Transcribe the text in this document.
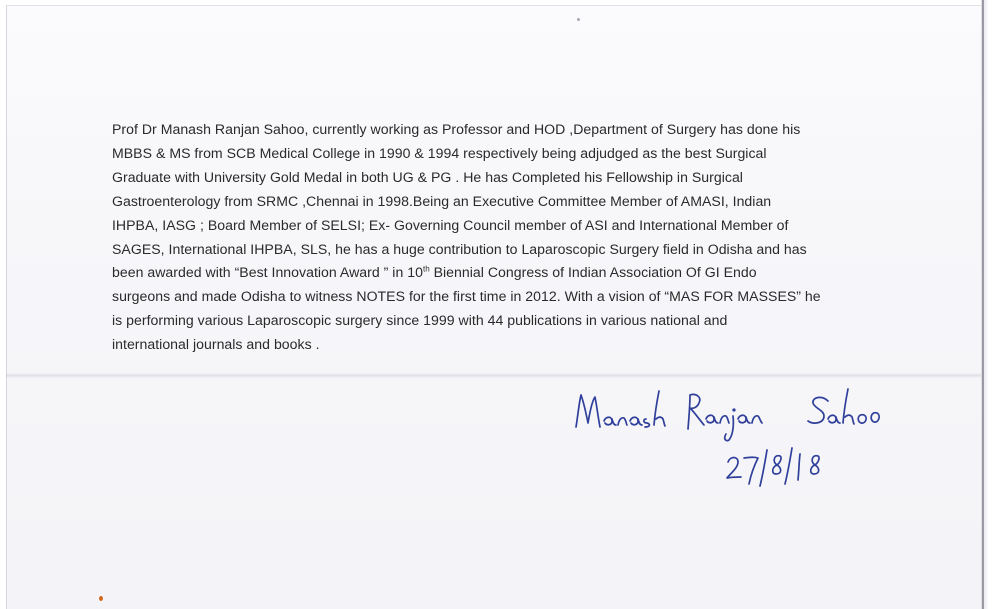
Prof Dr Manash Ranjan Sahoo, currently working as Professor and HOD ,Department of Surgery has done his
MBBS & MS from SCB Medical College in 1990 & 1994 respectively being adjudged as the best Surgical
Graduate with University Gold Medal in both UG & PG . He has Completed his Fellowship in Surgical
Gastroenterology from SRMC ,Chennai in 1998.Being an Executive Committee Member of AMASI, Indian
IHPBA, IASG ; Board Member of SELSI; Ex- Governing Council member of ASI and International Member of
SAGES, International IHPBA, SLS, he has a huge contribution to Laparoscopic Surgery field in Odisha and has
been awarded with “Best Innovation Award ” in 10th Biennial Congress of Indian Association Of GI Endo
surgeons and made Odisha to witness NOTES for the first time in 2012. With a vision of “MAS FOR MASSES” he
is performing various Laparoscopic surgery since 1999 with 44 publications in various national and
international journals and books .
